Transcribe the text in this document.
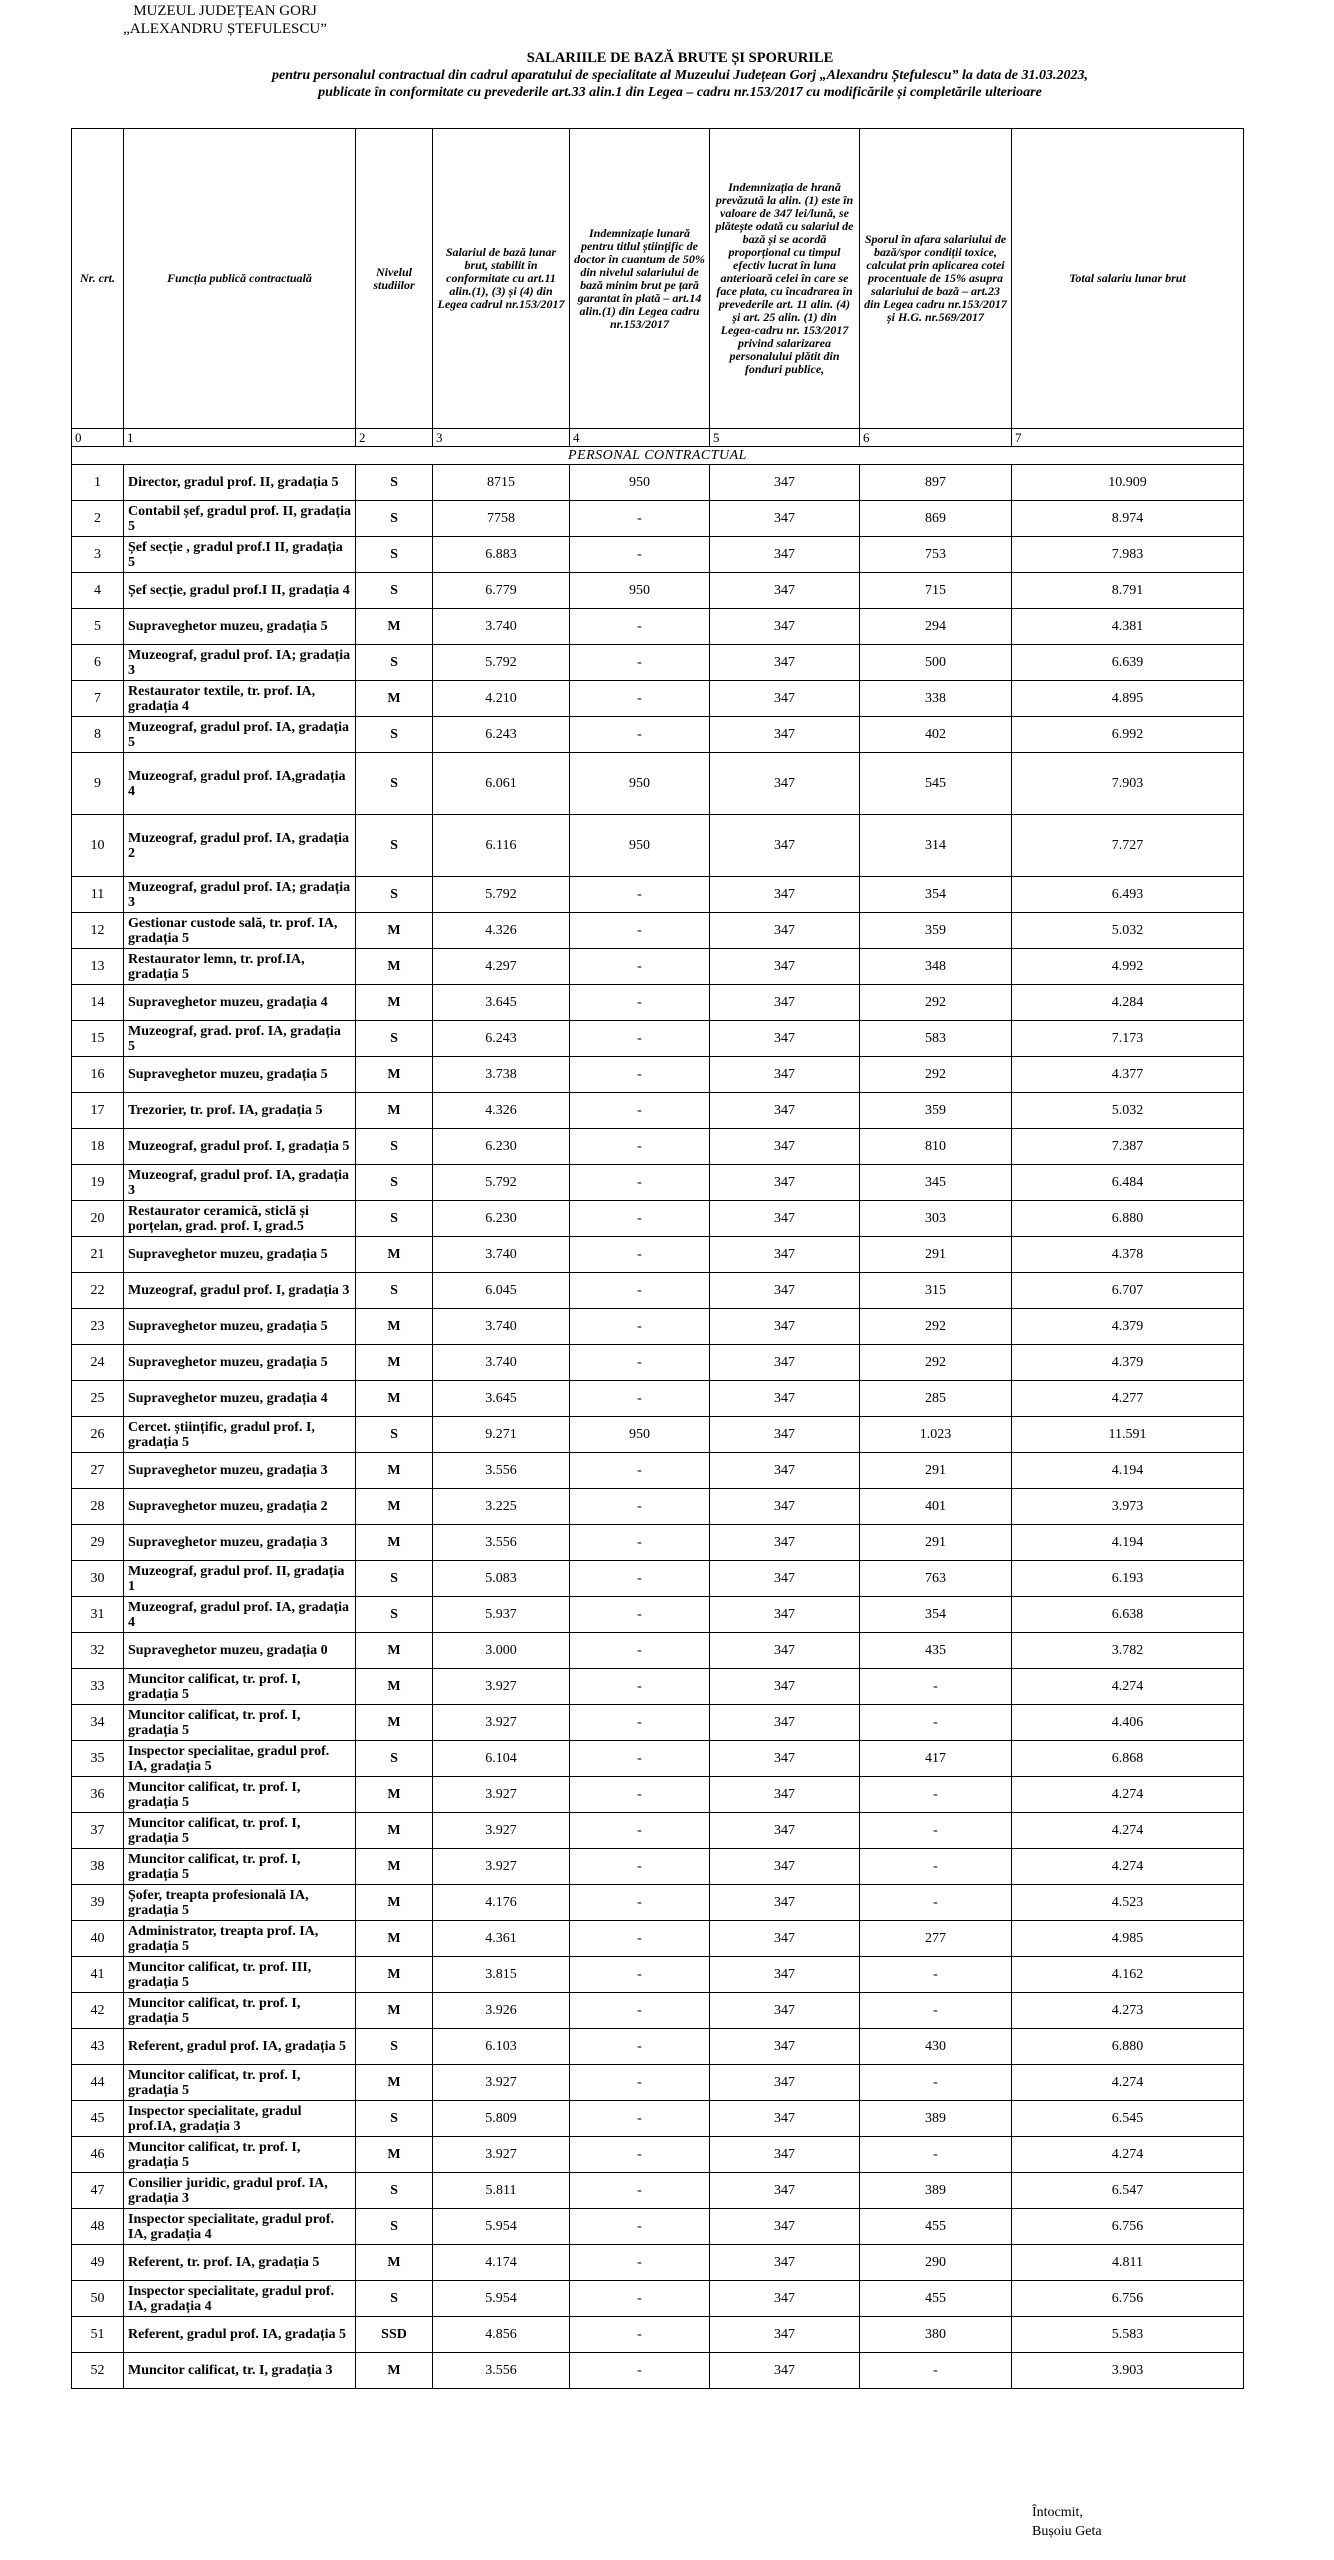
MUZEUL JUDEȚEAN GORJ
„ALEXANDRU ȘTEFULESCU”
SALARIILE DE BAZĂ BRUTE ȘI SPORURILE
pentru personalul contractual din cadrul aparatului de specialitate al Muzeului Județean Gorj „Alexandru Ștefulescu” la data de 31.03.2023,
publicate în conformitate cu prevederile art.33 alin.1 din Legea – cadru nr.153/2017 cu modificările și completările ulterioare
Nr. crt.	Funcția publică contractuală	Nivelul studiilor	Salariul de bază lunar brut, stabilit în conformitate cu art.11 alin.(1), (3) și (4) din Legea cadrul nr.153/2017	Indemnizație lunară pentru titlul științific de doctor în cuantum de 50% din nivelul salariului de bază minim brut pe țară garantat în plată – art.14 alin.(1) din Legea cadru nr.153/2017	Indemnizația de hrană prevăzută la alin. (1) este în valoare de 347 lei/lună, se plătește odată cu salariul de bază și se acordă proporțional cu timpul efectiv lucrat în luna anterioară celei în care se face plata, cu încadrarea în prevederile art. 11 alin. (4) și art. 25 alin. (1) din Legea-cadru nr. 153/2017 privind salarizarea personalului plătit din fonduri publice,	Sporul în afara salariului de bază/spor condiții toxice, calculat prin aplicarea cotei procentuale de 15% asupra salariului de bază – art.23 din Legea cadru nr.153/2017 și H.G. nr.569/2017	Total salariu lunar brut
0	1	2	3	4	5	6	7
PERSONAL CONTRACTUAL							
1	Director, gradul prof. II, gradația 5	S	8715	950	347	897	10.909
2	Contabil șef, gradul prof. II, gradația 5	S	7758	-	347	869	8.974
3	Șef secție , gradul prof.I II, gradația 5	S	6.883	-	347	753	7.983
4	Șef secție, gradul prof.I II, gradația 4	S	6.779	950	347	715	8.791
5	Supraveghetor muzeu, gradația 5	M	3.740	-	347	294	4.381
6	Muzeograf, gradul prof. IA; gradația 3	S	5.792	-	347	500	6.639
7	Restaurator textile, tr. prof. IA, gradația 4	M	4.210	-	347	338	4.895
8	Muzeograf, gradul prof. IA, gradația 5	S	6.243	-	347	402	6.992
9	Muzeograf, gradul prof. IA,gradația 4	S	6.061	950	347	545	7.903
10	Muzeograf, gradul prof. IA, gradația 2	S	6.116	950	347	314	7.727
11	Muzeograf, gradul prof. IA; gradația 3	S	5.792	-	347	354	6.493
12	Gestionar custode sală, tr. prof. IA, gradația 5	M	4.326	-	347	359	5.032
13	Restaurator lemn, tr. prof.IA, gradația 5	M	4.297	-	347	348	4.992
14	Supraveghetor muzeu, gradația 4	M	3.645	-	347	292	4.284
15	Muzeograf, grad. prof. IA, gradația 5	S	6.243	-	347	583	7.173
16	Supraveghetor muzeu, gradația 5	M	3.738	-	347	292	4.377
17	Trezorier, tr. prof. IA, gradația 5	M	4.326	-	347	359	5.032
18	Muzeograf, gradul prof. I, gradația 5	S	6.230	-	347	810	7.387
19	Muzeograf, gradul prof. IA, gradația 3	S	5.792	-	347	345	6.484
20	Restaurator ceramică, sticlă și porțelan, grad. prof. I, grad.5	S	6.230	-	347	303	6.880
21	Supraveghetor muzeu, gradația 5	M	3.740	-	347	291	4.378
22	Muzeograf, gradul prof. I, gradația 3	S	6.045	-	347	315	6.707
23	Supraveghetor muzeu, gradația 5	M	3.740	-	347	292	4.379
24	Supraveghetor muzeu, gradația 5	M	3.740	-	347	292	4.379
25	Supraveghetor muzeu, gradația 4	M	3.645	-	347	285	4.277
26	Cercet. științific, gradul prof. I, gradația 5	S	9.271	950	347	1.023	11.591
27	Supraveghetor muzeu, gradația 3	M	3.556	-	347	291	4.194
28	Supraveghetor muzeu, gradația 2	M	3.225	-	347	401	3.973
29	Supraveghetor muzeu, gradația 3	M	3.556	-	347	291	4.194
30	Muzeograf, gradul prof. II, gradația 1	S	5.083	-	347	763	6.193
31	Muzeograf, gradul prof. IA, gradația 4	S	5.937	-	347	354	6.638
32	Supraveghetor muzeu, gradația 0	M	3.000	-	347	435	3.782
33	Muncitor calificat, tr. prof. I, gradația 5	M	3.927	-	347	-	4.274
34	Muncitor calificat, tr. prof. I, gradația 5	M	3.927	-	347	-	4.406
35	Inspector specialitae, gradul prof. IA, gradația 5	S	6.104	-	347	417	6.868
36	Muncitor calificat, tr. prof. I, gradația 5	M	3.927	-	347	-	4.274
37	Muncitor calificat, tr. prof. I, gradația 5	M	3.927	-	347	-	4.274
38	Muncitor calificat, tr. prof. I, gradația 5	M	3.927	-	347	-	4.274
39	Șofer, treapta profesională IA, gradația 5	M	4.176	-	347	-	4.523
40	Administrator, treapta prof. IA, gradația 5	M	4.361	-	347	277	4.985
41	Muncitor calificat, tr. prof. III, gradația 5	M	3.815	-	347	-	4.162
42	Muncitor calificat, tr. prof. I, gradația 5	M	3.926	-	347	-	4.273
43	Referent, gradul prof. IA, gradația 5	S	6.103	-	347	430	6.880
44	Muncitor calificat, tr. prof. I, gradația 5	M	3.927	-	347	-	4.274
45	Inspector specialitate, gradul prof.IA, gradația 3	S	5.809	-	347	389	6.545
46	Muncitor calificat, tr. prof. I, gradația 5	M	3.927	-	347	-	4.274
47	Consilier juridic, gradul prof. IA, gradația 3	S	5.811	-	347	389	6.547
48	Inspector specialitate, gradul prof. IA, gradația 4	S	5.954	-	347	455	6.756
49	Referent, tr. prof. IA, gradația 5	M	4.174	-	347	290	4.811
50	Inspector specialitate, gradul prof. IA, gradația 4	S	5.954	-	347	455	6.756
51	Referent, gradul prof. IA, gradația 5	SSD	4.856	-	347	380	5.583
52	Muncitor calificat, tr. I, gradația 3	M	3.556	-	347	-	3.903
Întocmit,
Bușoiu Geta
